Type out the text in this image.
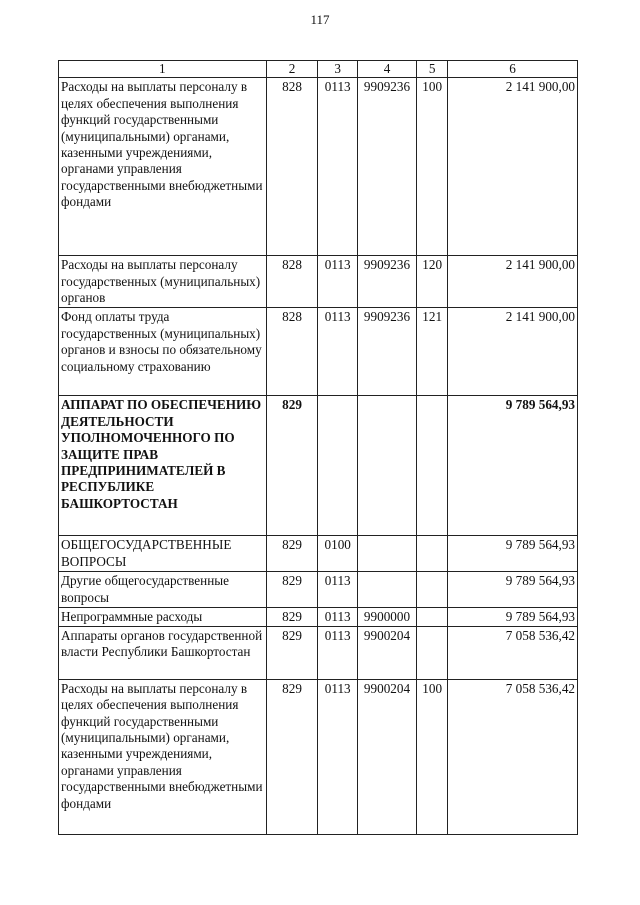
117
1	2	3	4	5	6
Расходы на выплаты персоналу в целях обеспечения выполнения функций государственными (муниципальными) органами, казенными учреждениями, органами управления государственными внебюджетными фондами	828	0113	9909236	100	2 141 900,00
Расходы на выплаты персоналу государственных (муниципальных) органов	828	0113	9909236	120	2 141 900,00
Фонд оплаты труда государственных (муниципальных) органов и взносы по обязательному социальному страхованию	828	0113	9909236	121	2 141 900,00
АППАРАТ ПО ОБЕСПЕЧЕНИЮ ДЕЯТЕЛЬНОСТИ УПОЛНОМОЧЕННОГО ПО ЗАЩИТЕ ПРАВ ПРЕДПРИНИМАТЕЛЕЙ В РЕСПУБЛИКЕ БАШКОРТОСТАН	829				9 789 564,93
ОБЩЕГОСУДАРСТВЕННЫЕ ВОПРОСЫ	829	0100			9 789 564,93
Другие общегосударственные вопросы	829	0113			9 789 564,93
Непрограммные расходы	829	0113	9900000		9 789 564,93
Аппараты органов государственной власти Республики Башкортостан	829	0113	9900204		7 058 536,42
Расходы на выплаты персоналу в целях обеспечения выполнения функций государственными (муниципальными) органами, казенными учреждениями, органами управления государственными внебюджетными фондами	829	0113	9900204	100	7 058 536,42
